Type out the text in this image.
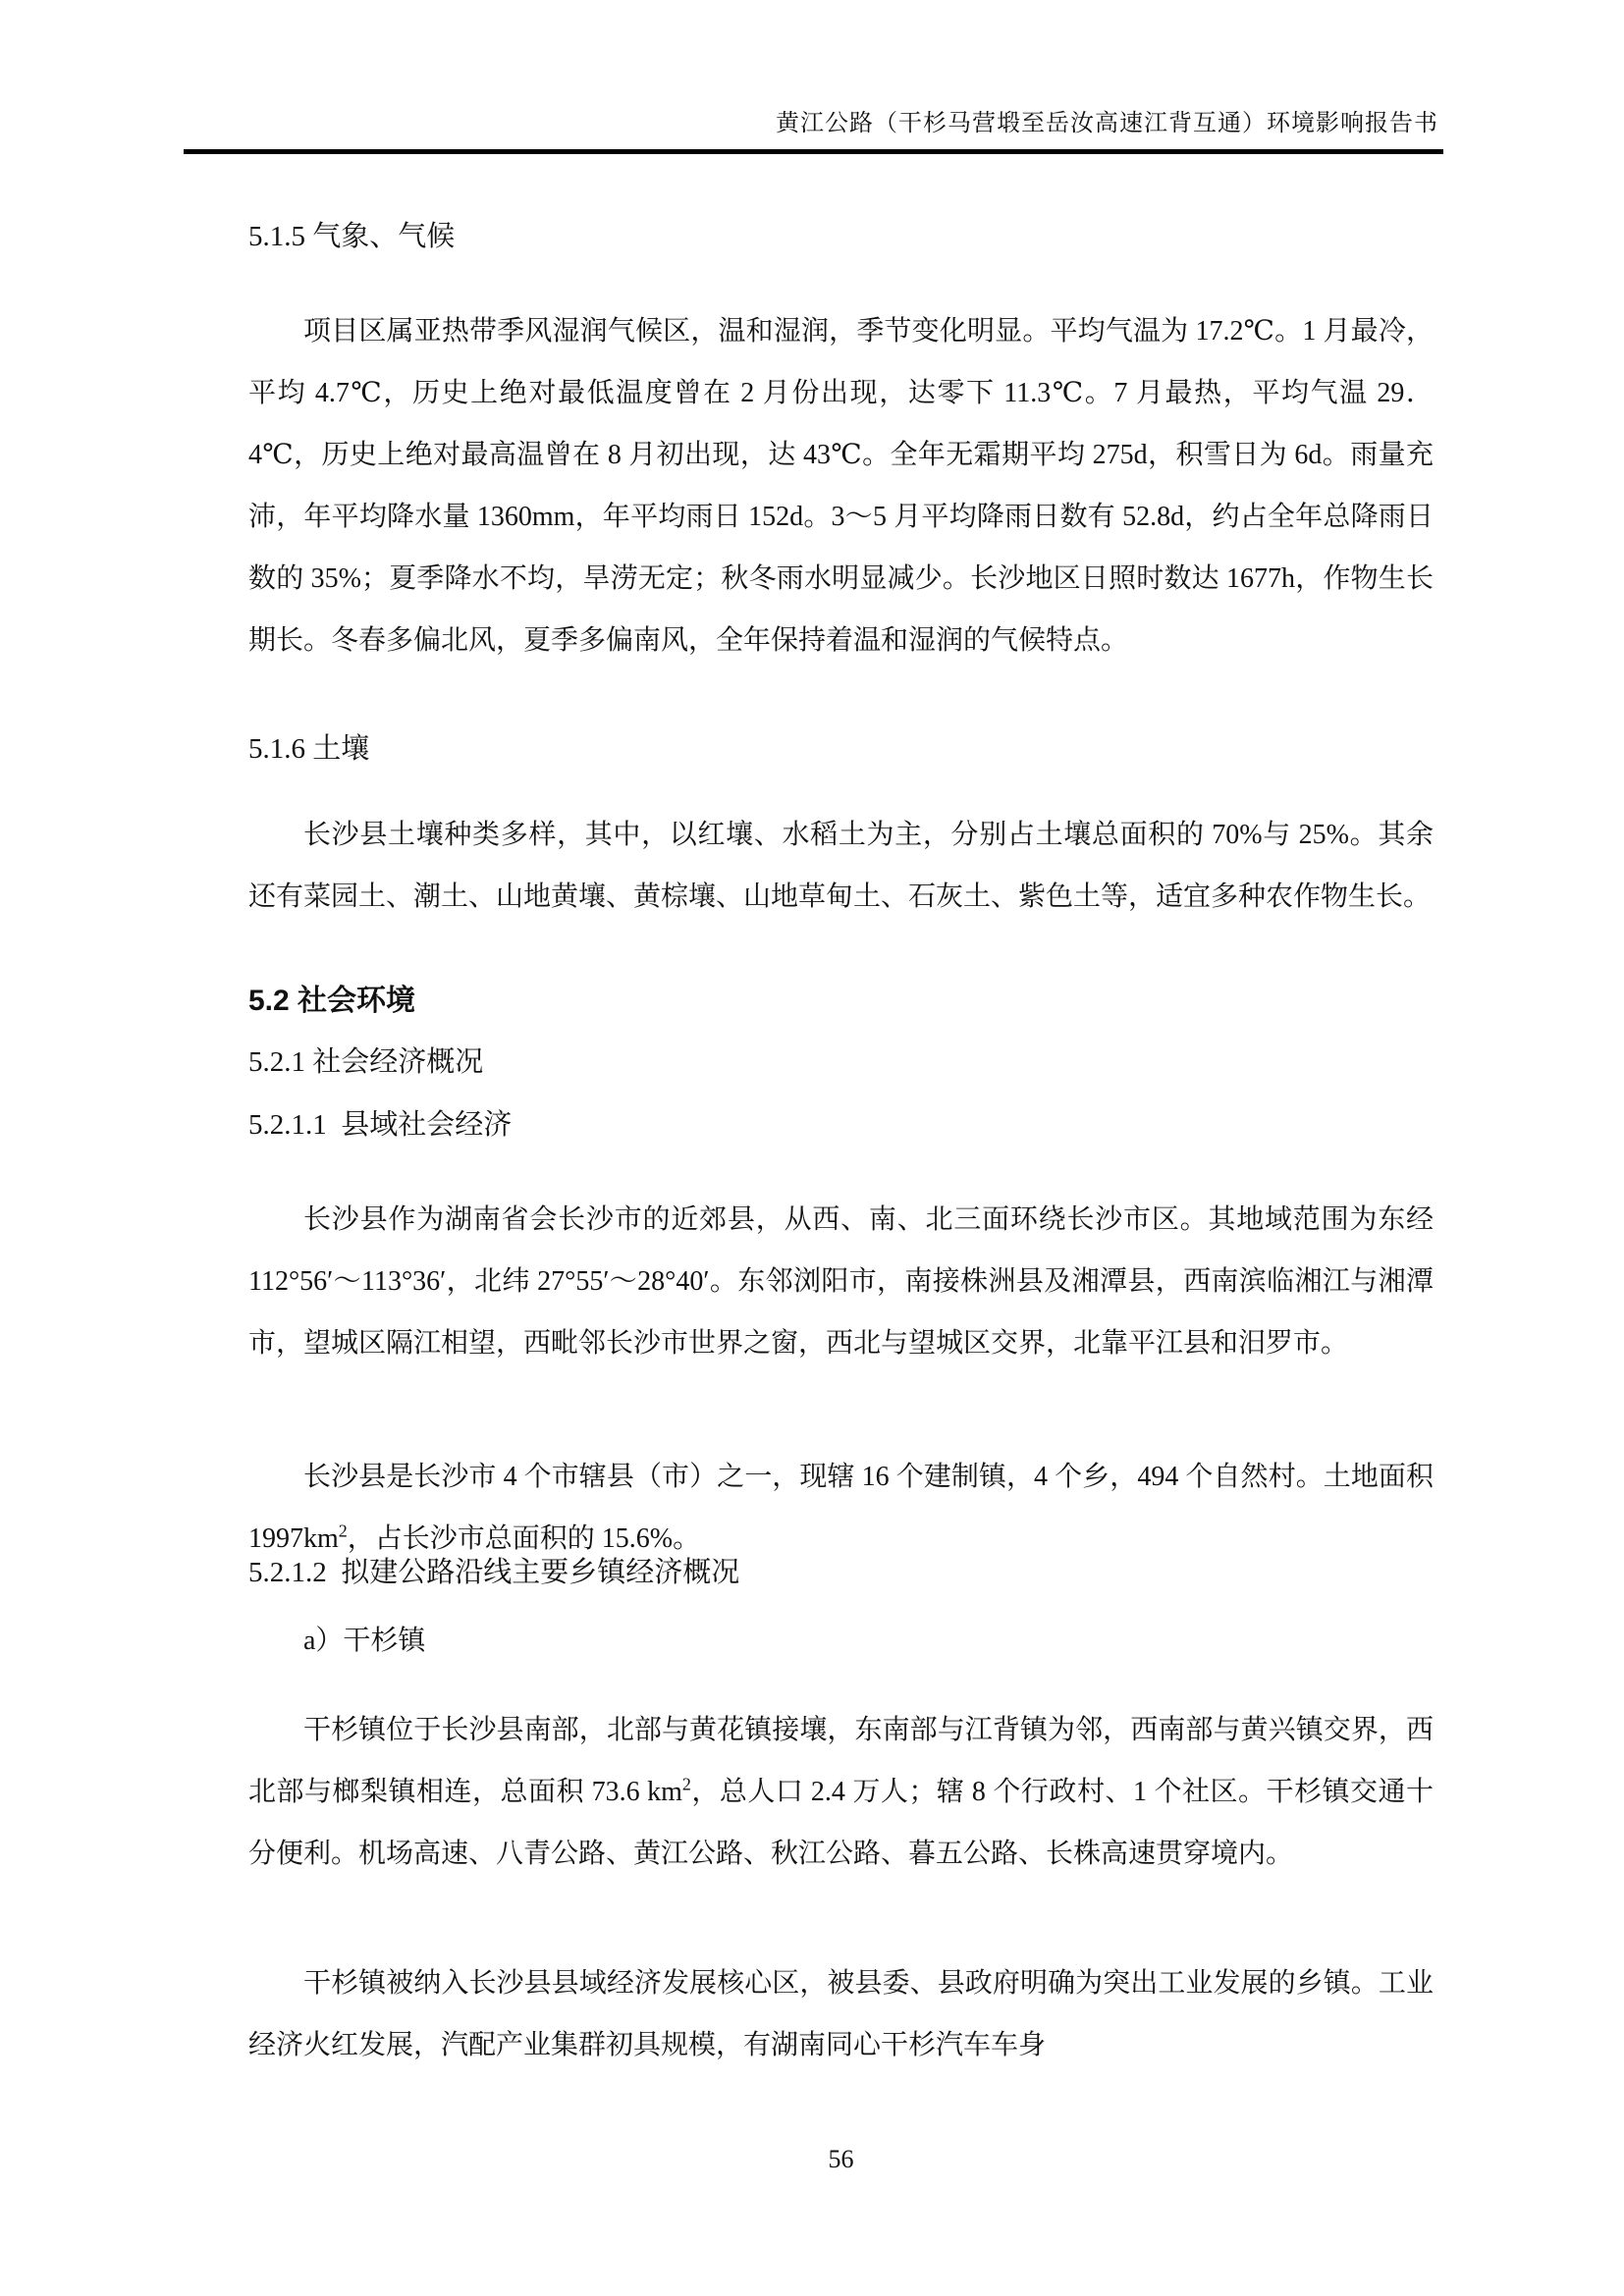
黄江公路（干杉马营塅至岳汝高速江背互通）环境影响报告书
5.1.5 气象、气候

项目区属亚热带季风湿润气候区，温和湿润，季节变化明显。平均气温为 17.2℃。1 月最冷，平均 4.7℃，历史上绝对最低温度曾在 2 月份出现，达零下 11.3℃。7 月最热，平均气温 29．4℃，历史上绝对最高温曾在 8 月初出现，达 43℃。全年无霜期平均 275d，积雪日为 6d。雨量充沛，年平均降水量 1360mm，年平均雨日 152d。3～5 月平均降雨日数有 52.8d，约占全年总降雨日数的 35%；夏季降水不均，旱涝无定；秋冬雨水明显减少。长沙地区日照时数达 1677h，作物生长期长。冬春多偏北风，夏季多偏南风，全年保持着温和湿润的气候特点。

5.1.6 土壤

长沙县土壤种类多样，其中，以红壤、水稻土为主，分别占土壤总面积的 70%与 25%。其余还有菜园土、潮土、山地黄壤、黄棕壤、山地草甸土、石灰土、紫色土等，适宜多种农作物生长。

5.2 社会环境
5.2.1 社会经济概况
5.2.1.1  县域社会经济

长沙县作为湖南省会长沙市的近郊县，从西、南、北三面环绕长沙市区。其地域范围为东经 112°56′～113°36′，北纬 27°55′～28°40′。东邻浏阳市，南接株洲县及湘潭县，西南滨临湘江与湘潭市，望城区隔江相望，西毗邻长沙市世界之窗，西北与望城区交界，北靠平江县和汨罗市。

长沙县是长沙市 4 个市辖县（市）之一，现辖 16 个建制镇，4 个乡，494 个自然村。土地面积 $1997km^2$，占长沙市总面积的 15.6%。

5.2.1.2  拟建公路沿线主要乡镇经济概况
a）干杉镇

干杉镇位于长沙县南部，北部与黄花镇接壤，东南部与江背镇为邻，西南部与黄兴镇交界，西北部与榔梨镇相连，总面积 73.6 $km^2$，总人口 2.4 万人；辖 8 个行政村、1 个社区。干杉镇交通十分便利。机场高速、八青公路、黄江公路、秋江公路、暮五公路、长株高速贯穿境内。

干杉镇被纳入长沙县县域经济发展核心区，被县委、县政府明确为突出工业发展的乡镇。工业经济火红发展，汽配产业集群初具规模，有湖南同心干杉汽车车身

56
